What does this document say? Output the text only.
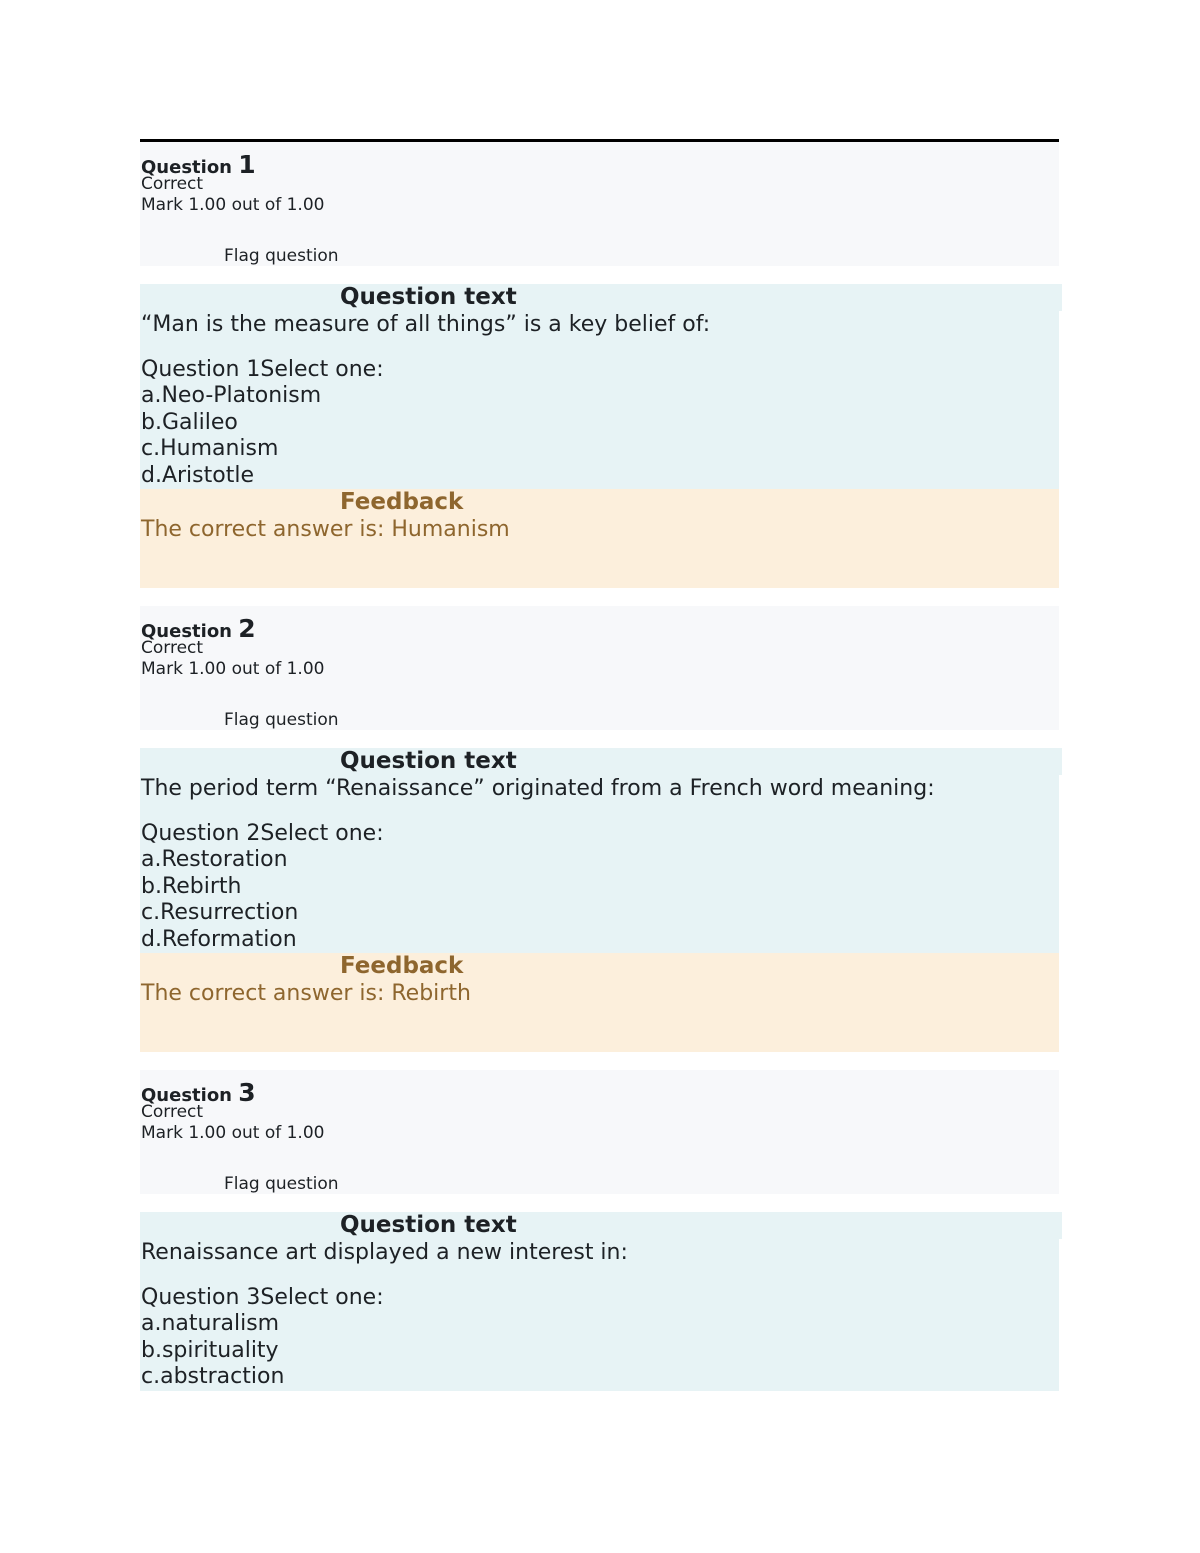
Question 1
Correct
Mark 1.00 out of 1.00
Flag question
Question text
“Man is the measure of all things” is a key belief of:
Question 1Select one:
a.Neo-Platonism
b.Galileo
c.Humanism
d.Aristotle
Feedback
The correct answer is: Humanism
Question 2
Correct
Mark 1.00 out of 1.00
Flag question
Question text
The period term “Renaissance” originated from a French word meaning:
Question 2Select one:
a.Restoration
b.Rebirth
c.Resurrection
d.Reformation
Feedback
The correct answer is: Rebirth
Question 3
Correct
Mark 1.00 out of 1.00
Flag question
Question text
Renaissance art displayed a new interest in:
Question 3Select one:
a.naturalism
b.spirituality
c.abstraction
